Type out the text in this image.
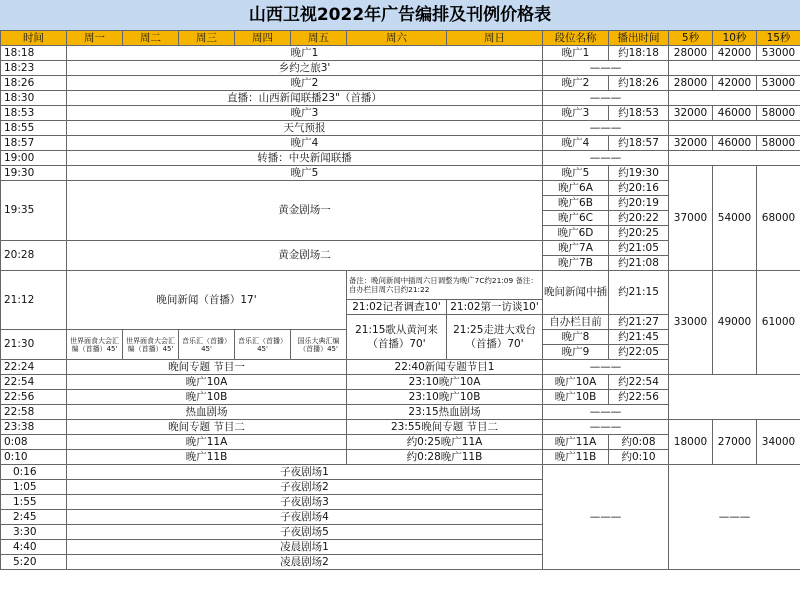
山西卫视2022年广告编排及刊例价格表
时间	周一	周二	周三	周四	周五	周六	周日	段位名称	播出时间	5秒	10秒	15秒	
18:18	晚广1							晚广1	约18:18	28000	42000	53000	
18:23	乡约之旅3'							———					
18:26	晚广2							晚广2	约18:26	28000	42000	53000	
18:30	直播：山西新闻联播23"（首播）							———					
18:53	晚广3							晚广3	约18:53	32000	46000	58000	
18:55	天气预报							———					
18:57	晚广4							晚广4	约18:57	32000	46000	58000	
19:00	转播：中央新闻联播							———					
19:30	晚广5							晚广5	约19:30	37000	54000	68000	
19:35	黄金剧场一							晚广6A	约20:16				
								晚广6B	约20:19				
								晚广6C	约20:22				
								晚广6D	约20:25				
20:28	黄金剧场二							晚广7A	约21:05				
								晚广7B	约21:08				
21:12	晚间新闻（首播）17'					备注：晚间新闻中插周六日调整为晚广7C约21:09 备注：自办栏目周六日约21:22		晚间新闻中插	约21:15	33000	49000	61000	
						21:02记者调查10'	21:02第一访谈10'						
						21:15歌从黄河来（首播）70'	21:25走进大戏台（首播）70'	自办栏目前	约21:27				
21:30	世界面食大会汇编（首播）45'	世界面食大会汇编（首播）45'	音乐汇（首播）45'	音乐汇（首播）45'	国乐大典汇编（首播）45'			晚广8	约21:45				
								晚广9	约22:05				
22:24	晚间专题 节目一					22:40新闻专题节目1		———			
22:54	晚广10A					23:10晚广10A		晚广10A	约22:54				
22:56	晚广10B					23:10晚广10B		晚广10B	约22:56				
22:58	热血剧场					23:15热血剧场		———					
23:38	晚间专题 节目二					23:55晚间专题 节目二		———		18000	27000	34000	
0:08	晚广11A					约0:25晚广11A		晚广11A	约0:08				
0:10	晚广11B					约0:28晚广11B		晚广11B	约0:10				
0:16	子夜剧场1							———		———			
1:05	子夜剧场2												
1:55	子夜剧场3												
2:45	子夜剧场4												
3:30	子夜剧场5												
4:40	凌晨剧场1												
5:20	凌晨剧场2												
